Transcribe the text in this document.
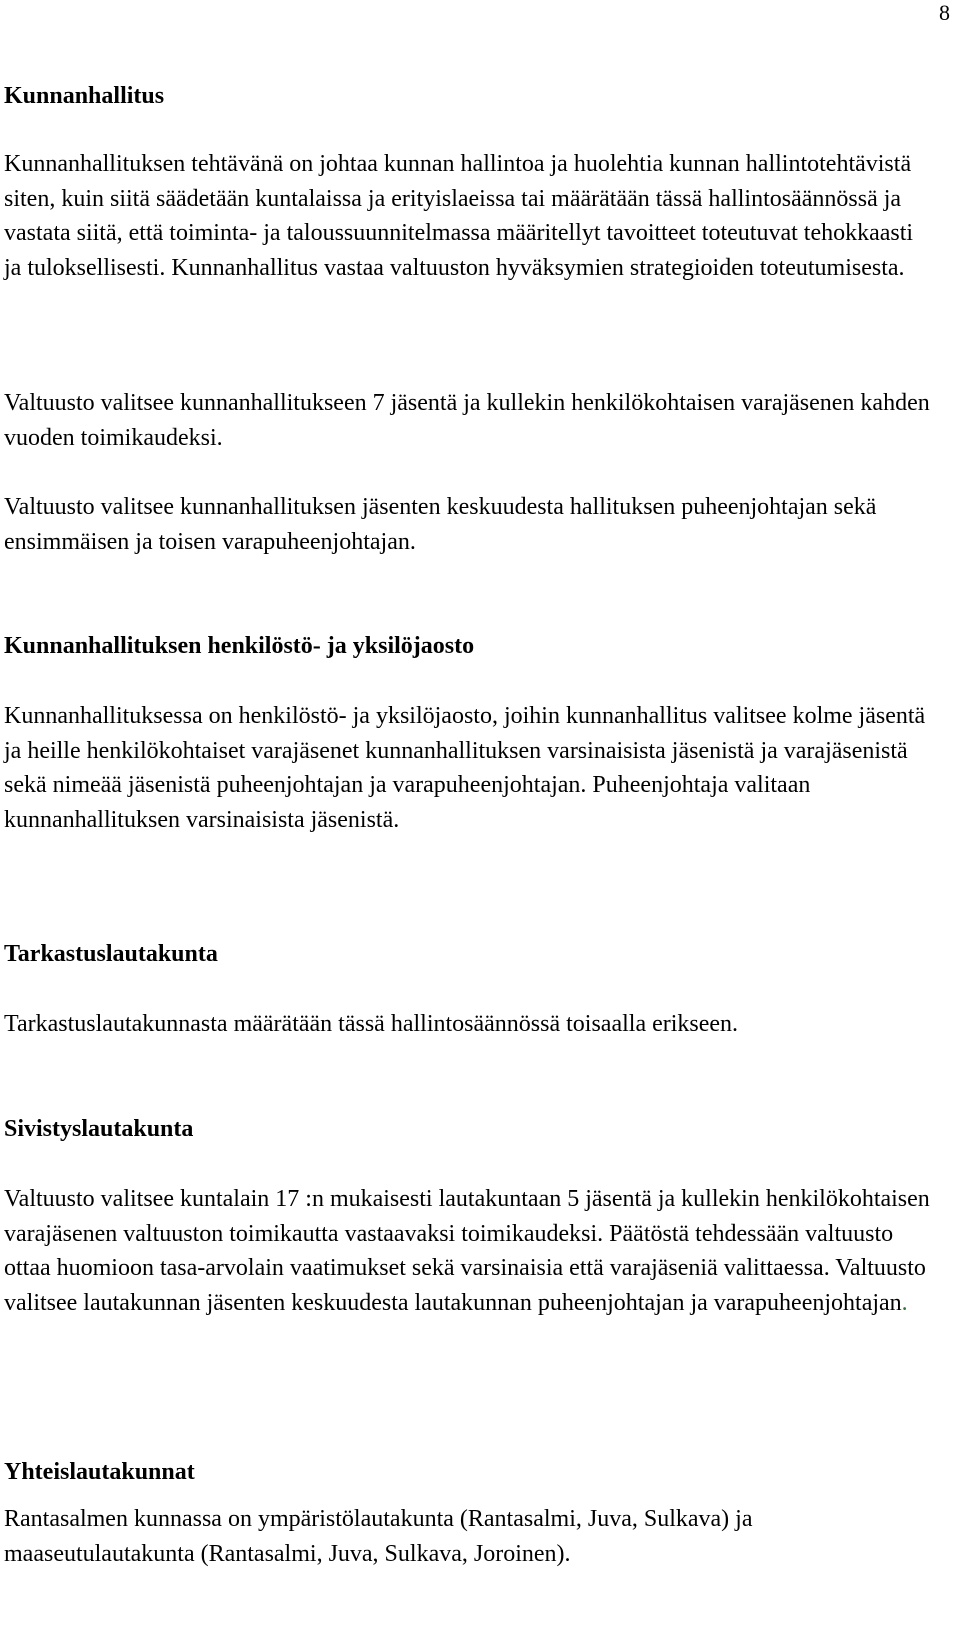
8
Kunnanhallitus

Kunnanhallituksen tehtävänä on johtaa kunnan hallintoa ja huolehtia kunnan hallintotehtävistä siten, kuin siitä säädetään kuntalaissa ja erityislaeissa tai määrätään tässä hallintosäännössä ja vastata siitä, että toiminta- ja taloussuunnitelmassa määritellyt tavoitteet toteutuvat tehokkaasti ja tuloksellisesti. Kunnanhallitus vastaa valtuuston hyväksymien strategioiden toteutumisesta.

Valtuusto valitsee kunnanhallitukseen 7 jäsentä ja kullekin henkilökohtaisen varajäsenen kahden vuoden toimikaudeksi.

Valtuusto valitsee kunnanhallituksen jäsenten keskuudesta hallituksen puheenjohtajan sekä ensimmäisen ja toisen varapuheenjohtajan.

Kunnanhallituksen henkilöstö- ja yksilöjaosto

Kunnanhallituksessa on henkilöstö- ja yksilöjaosto, joihin kunnanhallitus valitsee kolme jäsentä ja heille henkilökohtaiset varajäsenet kunnanhallituksen varsinaisista jäsenistä ja varajäsenistä sekä nimeää jäsenistä puheenjohtajan ja varapuheenjohtajan. Puheenjohtaja valitaan kunnanhallituksen varsinaisista jäsenistä.

Tarkastuslautakunta

Tarkastuslautakunnasta määrätään tässä hallintosäännössä toisaalla erikseen.

Sivistyslautakunta

Valtuusto valitsee kuntalain 17 :n mukaisesti lautakuntaan 5 jäsentä ja kullekin henkilökohtaisen varajäsenen valtuuston toimikautta vastaavaksi toimikaudeksi. Päätöstä tehdessään valtuusto ottaa huomioon tasa-arvolain vaatimukset sekä varsinaisia että varajäseniä valittaessa. Valtuusto valitsee lautakunnan jäsenten keskuudesta lautakunnan puheenjohtajan ja varapuheenjohtajan.

Yhteislautakunnat

Rantasalmen kunnassa on ympäristölautakunta (Rantasalmi, Juva, Sulkava) ja maaseutulautakunta (Rantasalmi, Juva, Sulkava, Joroinen).
